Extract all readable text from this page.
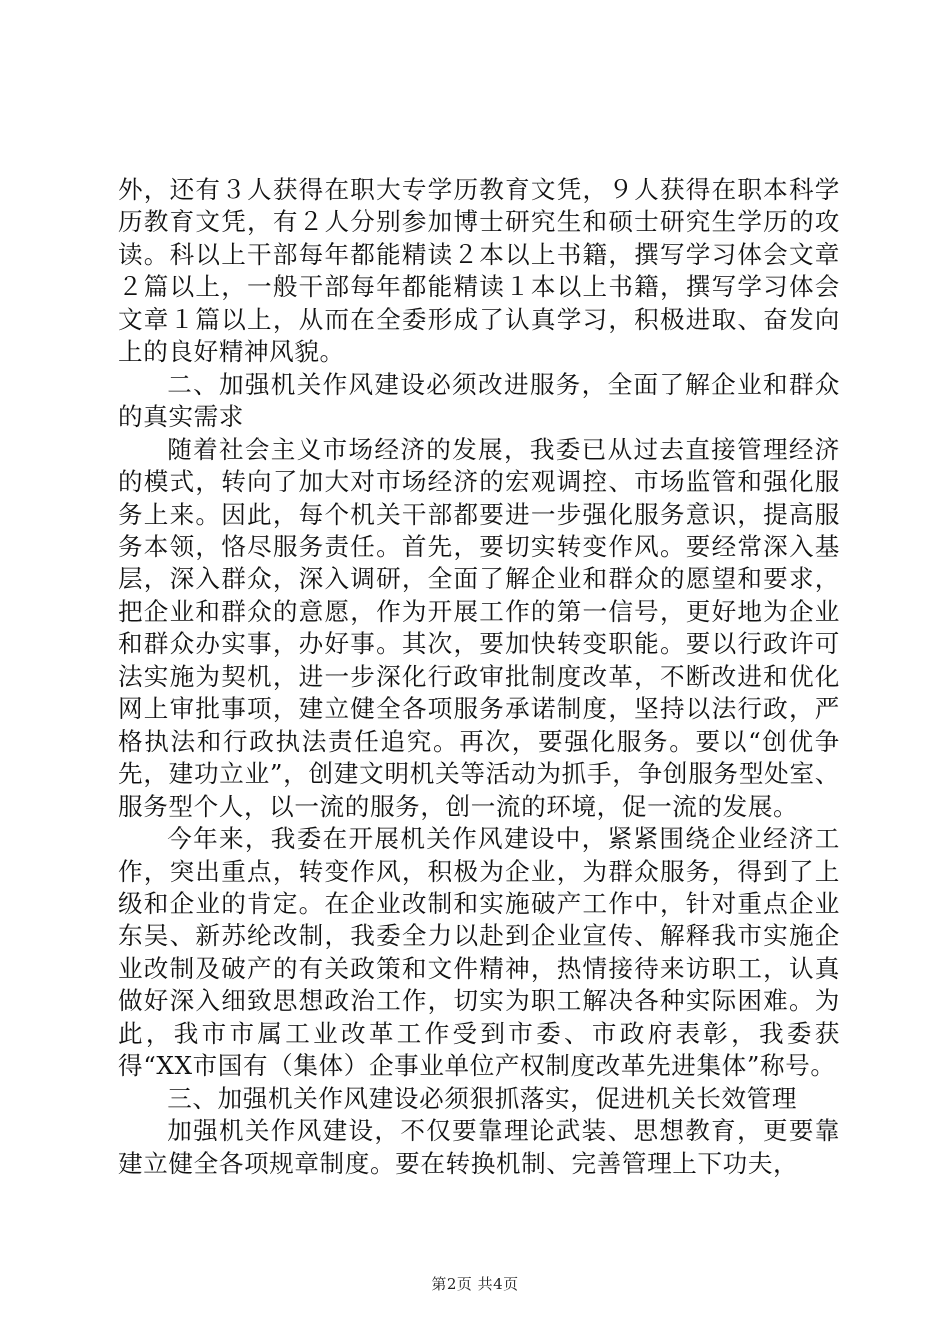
外，还有３人获得在职大专学历教育文凭，９人获得在职本科学历教育文凭，有２人分别参加博士研究生和硕士研究生学历的攻读。科以上干部每年都能精读２本以上书籍，撰写学习体会文章２篇以上，一般干部每年都能精读１本以上书籍，撰写学习体会文章１篇以上，从而在全委形成了认真学习，积极进取、奋发向上的良好精神风貌。

二、加强机关作风建设必须改进服务，全面了解企业和群众的真实需求

随着社会主义市场经济的发展，我委已从过去直接管理经济的模式，转向了加大对市场经济的宏观调控、市场监管和强化服务上来。因此，每个机关干部都要进一步强化服务意识，提高服务本领，恪尽服务责任。首先，要切实转变作风。要经常深入基层，深入群众，深入调研，全面了解企业和群众的愿望和要求，把企业和群众的意愿，作为开展工作的第一信号，更好地为企业和群众办实事，办好事。其次，要加快转变职能。要以行政许可法实施为契机，进一步深化行政审批制度改革，不断改进和优化网上审批事项，建立健全各项服务承诺制度，坚持以法行政，严格执法和行政执法责任追究。再次，要强化服务。要以“创优争先，建功立业”，创建文明机关等活动为抓手，争创服务型处室、服务型个人，以一流的服务，创一流的环境，促一流的发展。

今年来，我委在开展机关作风建设中，紧紧围绕企业经济工作，突出重点，转变作风，积极为企业，为群众服务，得到了上级和企业的肯定。在企业改制和实施破产工作中，针对重点企业东吴、新苏纶改制，我委全力以赴到企业宣传、解释我市实施企业改制及破产的有关政策和文件精神，热情接待来访职工，认真做好深入细致思想政治工作，切实为职工解决各种实际困难。为此，我市市属工业改革工作受到市委、市政府表彰，我委获得“XX市国有（集体）企事业单位产权制度改革先进集体”称号。

三、加强机关作风建设必须狠抓落实，促进机关长效管理

加强机关作风建设，不仅要靠理论武装、思想教育，更要靠建立健全各项规章制度。要在转换机制、完善管理上下功夫，

第2页 共4页
